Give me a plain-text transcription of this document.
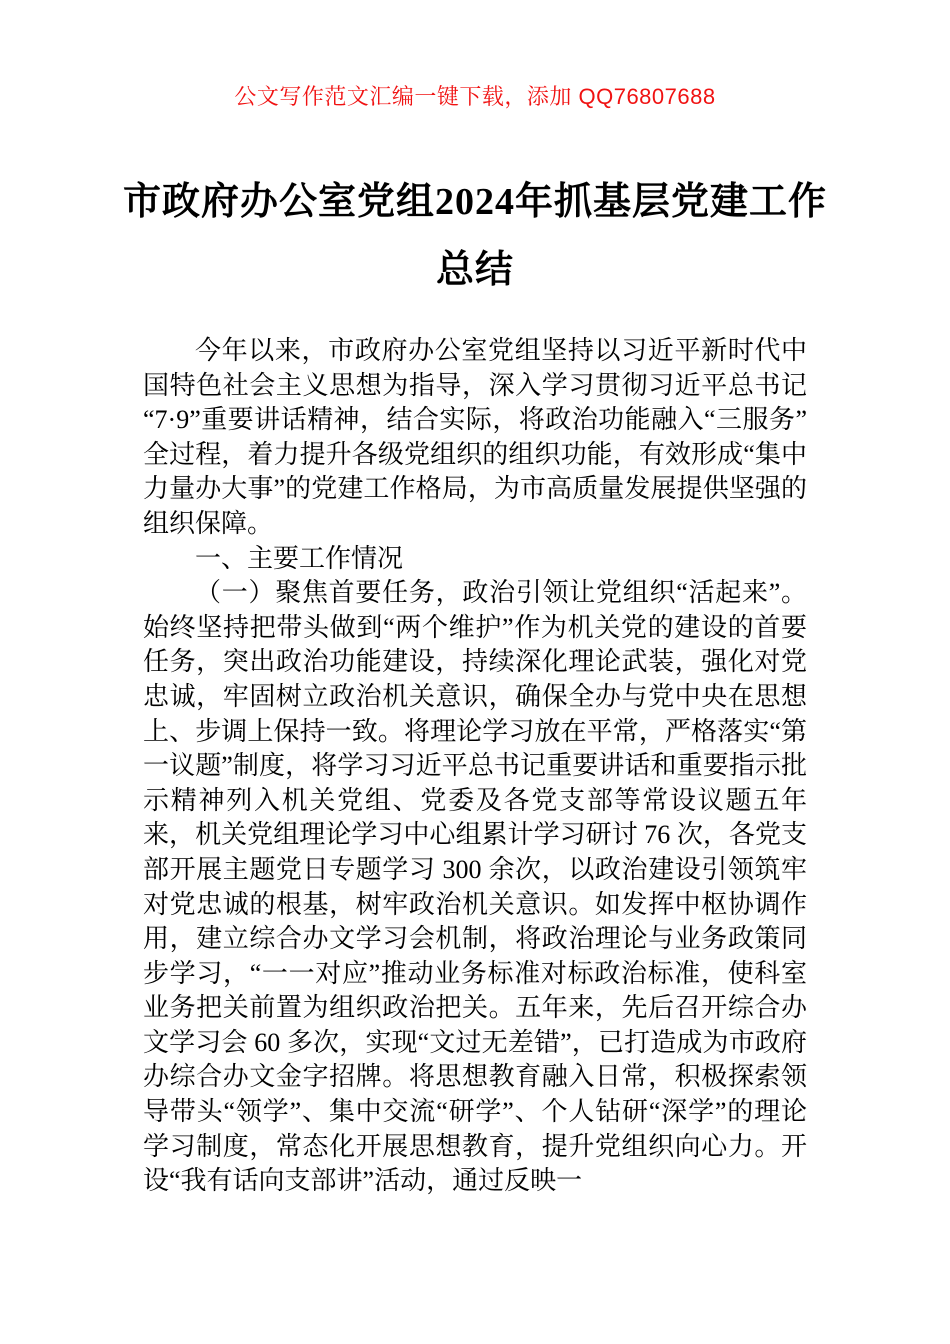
公文写作范文汇编一键下载，添加 QQ76807688
市政府办公室党组2024年抓基层党建工作
总结

今年以来，市政府办公室党组坚持以习近平新时代中国特色社会主义思想为指导，深入学习贯彻习近平总书记“7·9”重要讲话精神，结合实际，将政治功能融入“三服务”全过程，着力提升各级党组织的组织功能，有效形成“集中力量办大事”的党建工作格局，为市高质量发展提供坚强的组织保障。

一、主要工作情况

（一）聚焦首要任务，政治引领让党组织“活起来”。始终坚持把带头做到“两个维护”作为机关党的建设的首要任务，突出政治功能建设，持续深化理论武装，强化对党忠诚，牢固树立政治机关意识，确保全办与党中央在思想上、步调上保持一致。将理论学习放在平常，严格落实“第一议题”制度，将学习习近平总书记重要讲话和重要指示批示精神列入机关党组、党委及各党支部等常设议题五年来，机关党组理论学习中心组累计学习研讨 76 次，各党支部开展主题党日专题学习 300 余次，以政治建设引领筑牢对党忠诚的根基，树牢政治机关意识。如发挥中枢协调作用，建立综合办文学习会机制，将政治理论与业务政策同步学习，“一一对应”推动业务标准对标政治标准，使科室业务把关前置为组织政治把关。五年来，先后召开综合办文学习会 60 多次，实现“文过无差错”，已打造成为市政府办综合办文金字招牌。将思想教育融入日常，积极探索领导带头“领学”、集中交流“研学”、个人钻研“深学”的理论学习制度，常态化开展思想教育，提升党组织向心力。开设“我有话向支部讲”活动，通过反映一
